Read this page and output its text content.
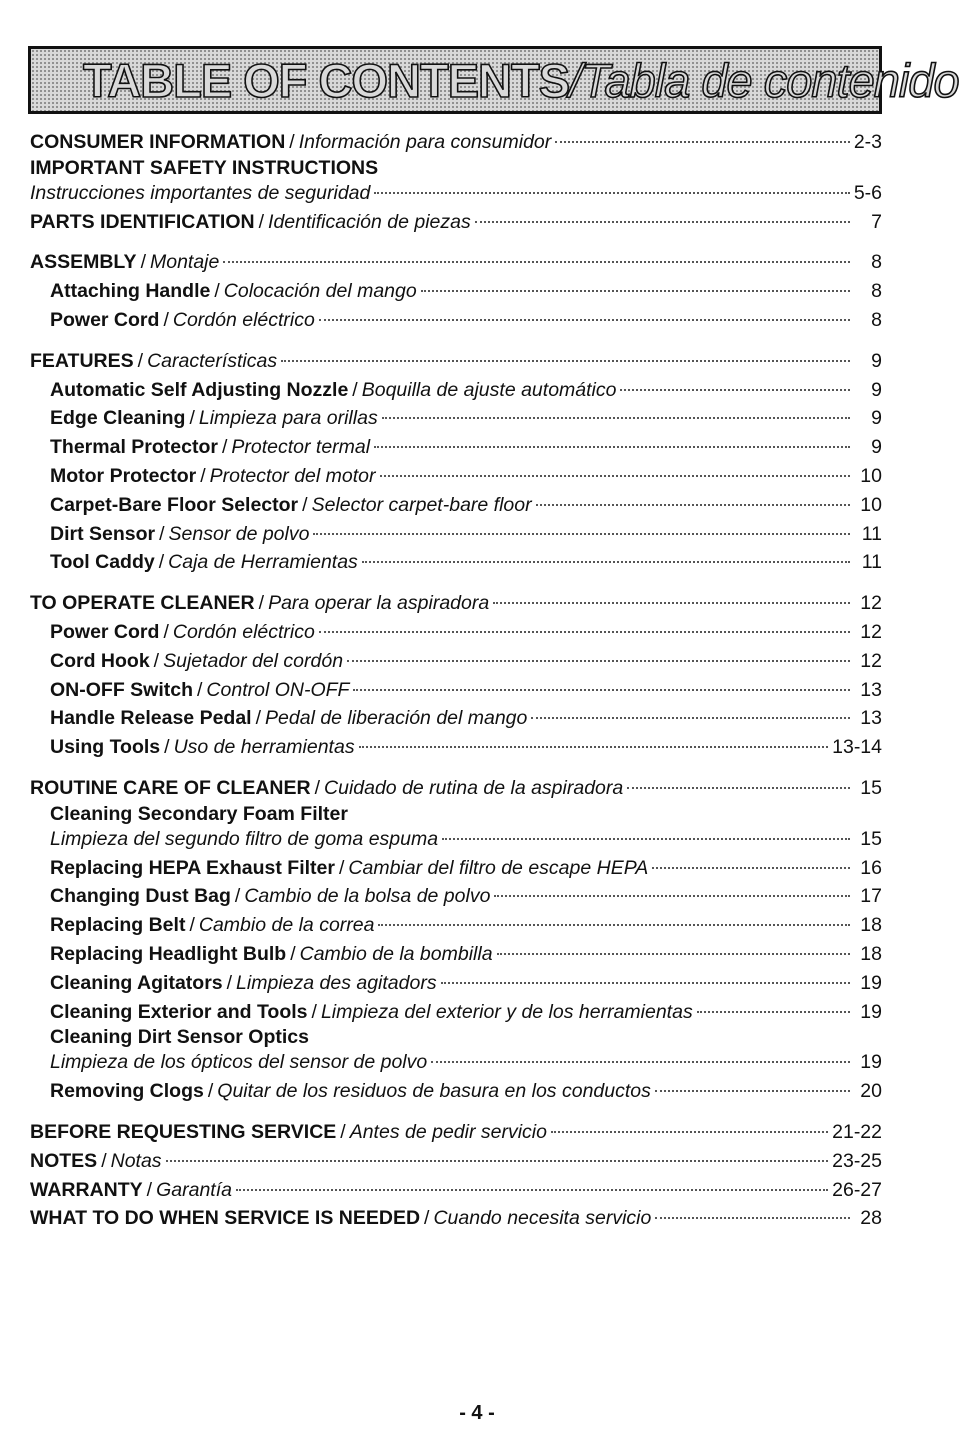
TABLE OF CONTENTS/Tabla de contenido
CONSUMER INFORMATION / Información para consumidor	2-3
IMPORTANT SAFETY INSTRUCTIONS
Instrucciones importantes de seguridad	5-6
PARTS IDENTIFICATION / Identificación de piezas	7
ASSEMBLY / Montaje	8
Attaching Handle / Colocación del mango	8
Power Cord / Cordón eléctrico	8
FEATURES / Características	9
Automatic Self Adjusting Nozzle / Boquilla de ajuste automático	9
Edge Cleaning / Limpieza para orillas	9
Thermal Protector / Protector termal	9
Motor Protector / Protector del motor	10
Carpet-Bare Floor Selector / Selector carpet-bare floor	10
Dirt Sensor / Sensor de polvo	11
Tool Caddy / Caja de Herramientas	11
TO OPERATE CLEANER / Para operar la aspiradora	12
Power Cord / Cordón eléctrico	12
Cord Hook / Sujetador del cordón	12
ON-OFF Switch / Control ON-OFF	13
Handle Release Pedal / Pedal de liberación del mango	13
Using Tools / Uso de herramientas	13-14
ROUTINE CARE OF CLEANER / Cuidado de rutina de la aspiradora	15
Cleaning Secondary Foam Filter
Limpieza del segundo filtro de goma espuma	15
Replacing HEPA Exhaust Filter / Cambiar del filtro de escape HEPA	16
Changing Dust Bag / Cambio de la bolsa de polvo	17
Replacing Belt / Cambio de la correa	18
Replacing Headlight Bulb / Cambio de la bombilla	18
Cleaning Agitators / Limpieza des agitadors	19
Cleaning Exterior and Tools / Limpieza del exterior y de los herramientas	19
Cleaning Dirt Sensor Optics
Limpieza de los ópticos del sensor de polvo	19
Removing Clogs / Quitar de los residuos de basura en los conductos	20
BEFORE REQUESTING SERVICE / Antes de pedir servicio	21-22
NOTES / Notas	23-25
WARRANTY / Garantía	26-27
WHAT TO DO WHEN SERVICE IS NEEDED / Cuando necesita servicio	28
- 4 -
